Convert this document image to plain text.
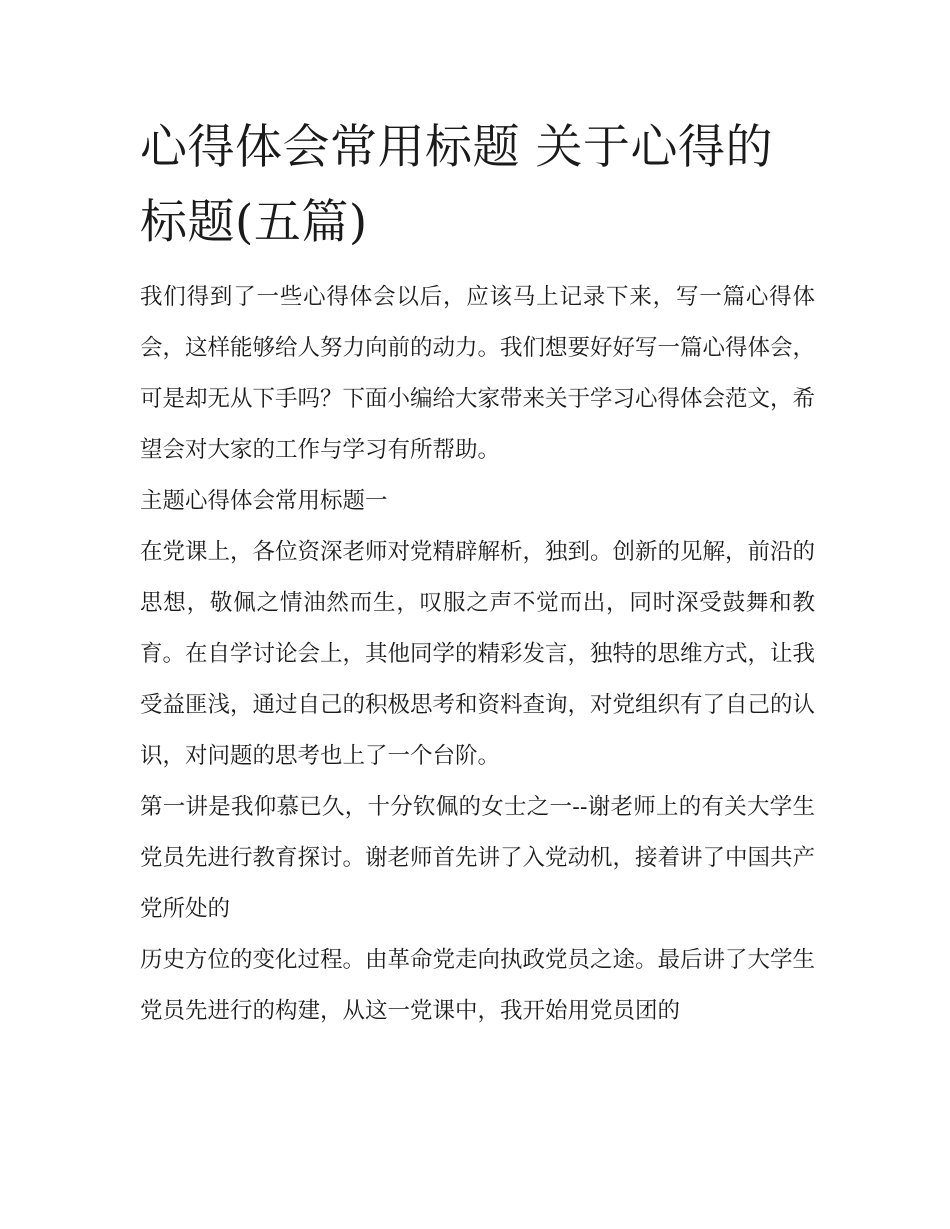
心得体会常用标题 关于心得的
标题(五篇)

我们得到了一些心得体会以后，应该马上记录下来，写一篇心得体会，这样能够给人努力向前的动力。我们想要好好写一篇心得体会，可是却无从下手吗？下面小编给大家带来关于学习心得体会范文，希望会对大家的工作与学习有所帮助。

主题心得体会常用标题一

在党课上，各位资深老师对党精辟解析，独到。创新的见解，前沿的思想，敬佩之情油然而生，叹服之声不觉而出，同时深受鼓舞和教育。在自学讨论会上，其他同学的精彩发言，独特的思维方式，让我受益匪浅，通过自己的积极思考和资料查询，对党组织有了自己的认识，对问题的思考也上了一个台阶。

第一讲是我仰慕已久，十分钦佩的女士之一--谢老师上的有关大学生党员先进行教育探讨。谢老师首先讲了入党动机，接着讲了中国共产党所处的

历史方位的变化过程。由革命党走向执政党员之途。最后讲了大学生党员先进行的构建，从这一党课中，我开始用党员团的
